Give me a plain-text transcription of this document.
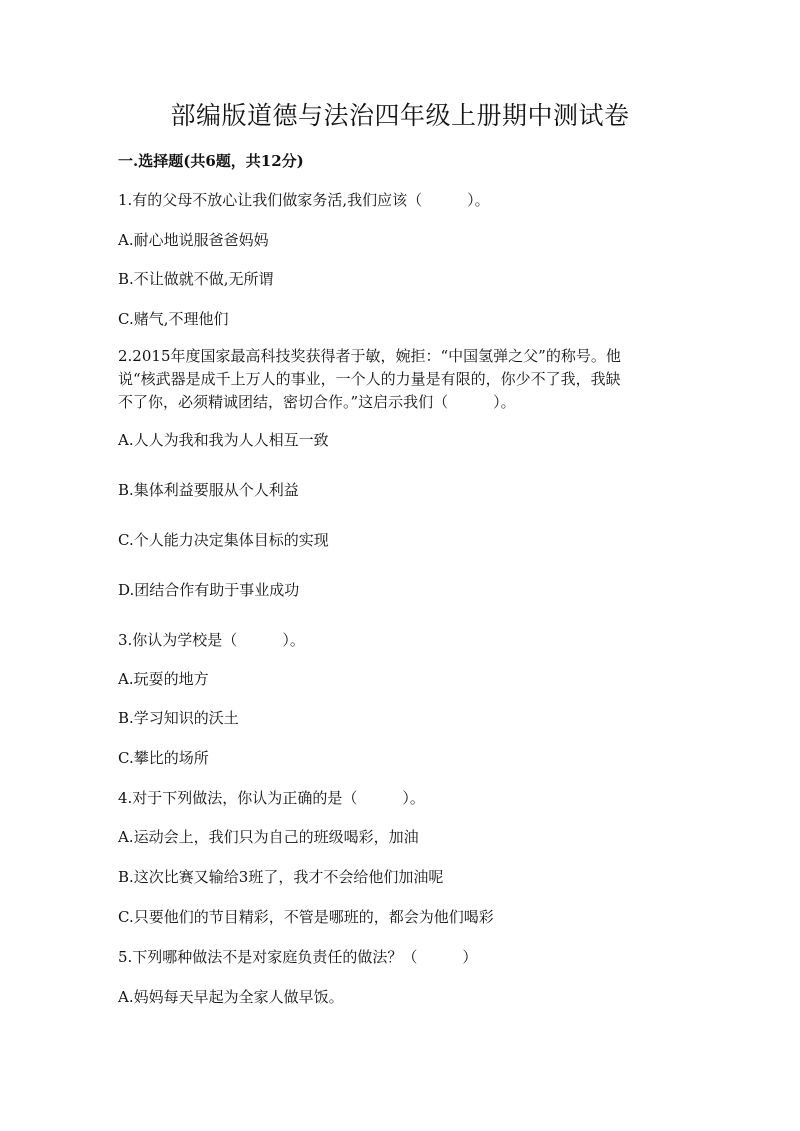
部编版道德与法治四年级上册期中测试卷
一.选择题(共6题，共12分)
1.有的父母不放心让我们做家务活,我们应该（　　　）。
A.耐心地说服爸爸妈妈
B.不让做就不做,无所谓
C.赌气,不理他们
2.2015年度国家最高科技奖获得者于敏，婉拒：“中国氢弹之父”的称号。他
说“核武器是成千上万人的事业，一个人的力量是有限的，你少不了我，我缺
不了你，必须精诚团结，密切合作。”这启示我们（　　　）。
A.人人为我和我为人人相互一致
B.集体利益要服从个人利益
C.个人能力决定集体目标的实现
D.团结合作有助于事业成功
3.你认为学校是（　　　）。
A.玩耍的地方
B.学习知识的沃土
C.攀比的场所
4.对于下列做法，你认为正确的是（　　　）。
A.运动会上，我们只为自己的班级喝彩，加油
B.这次比赛又输给3班了，我才不会给他们加油呢
C.只要他们的节目精彩，不管是哪班的，都会为他们喝彩
5.下列哪种做法不是对家庭负责任的做法？（　　　）
A.妈妈每天早起为全家人做早饭。
